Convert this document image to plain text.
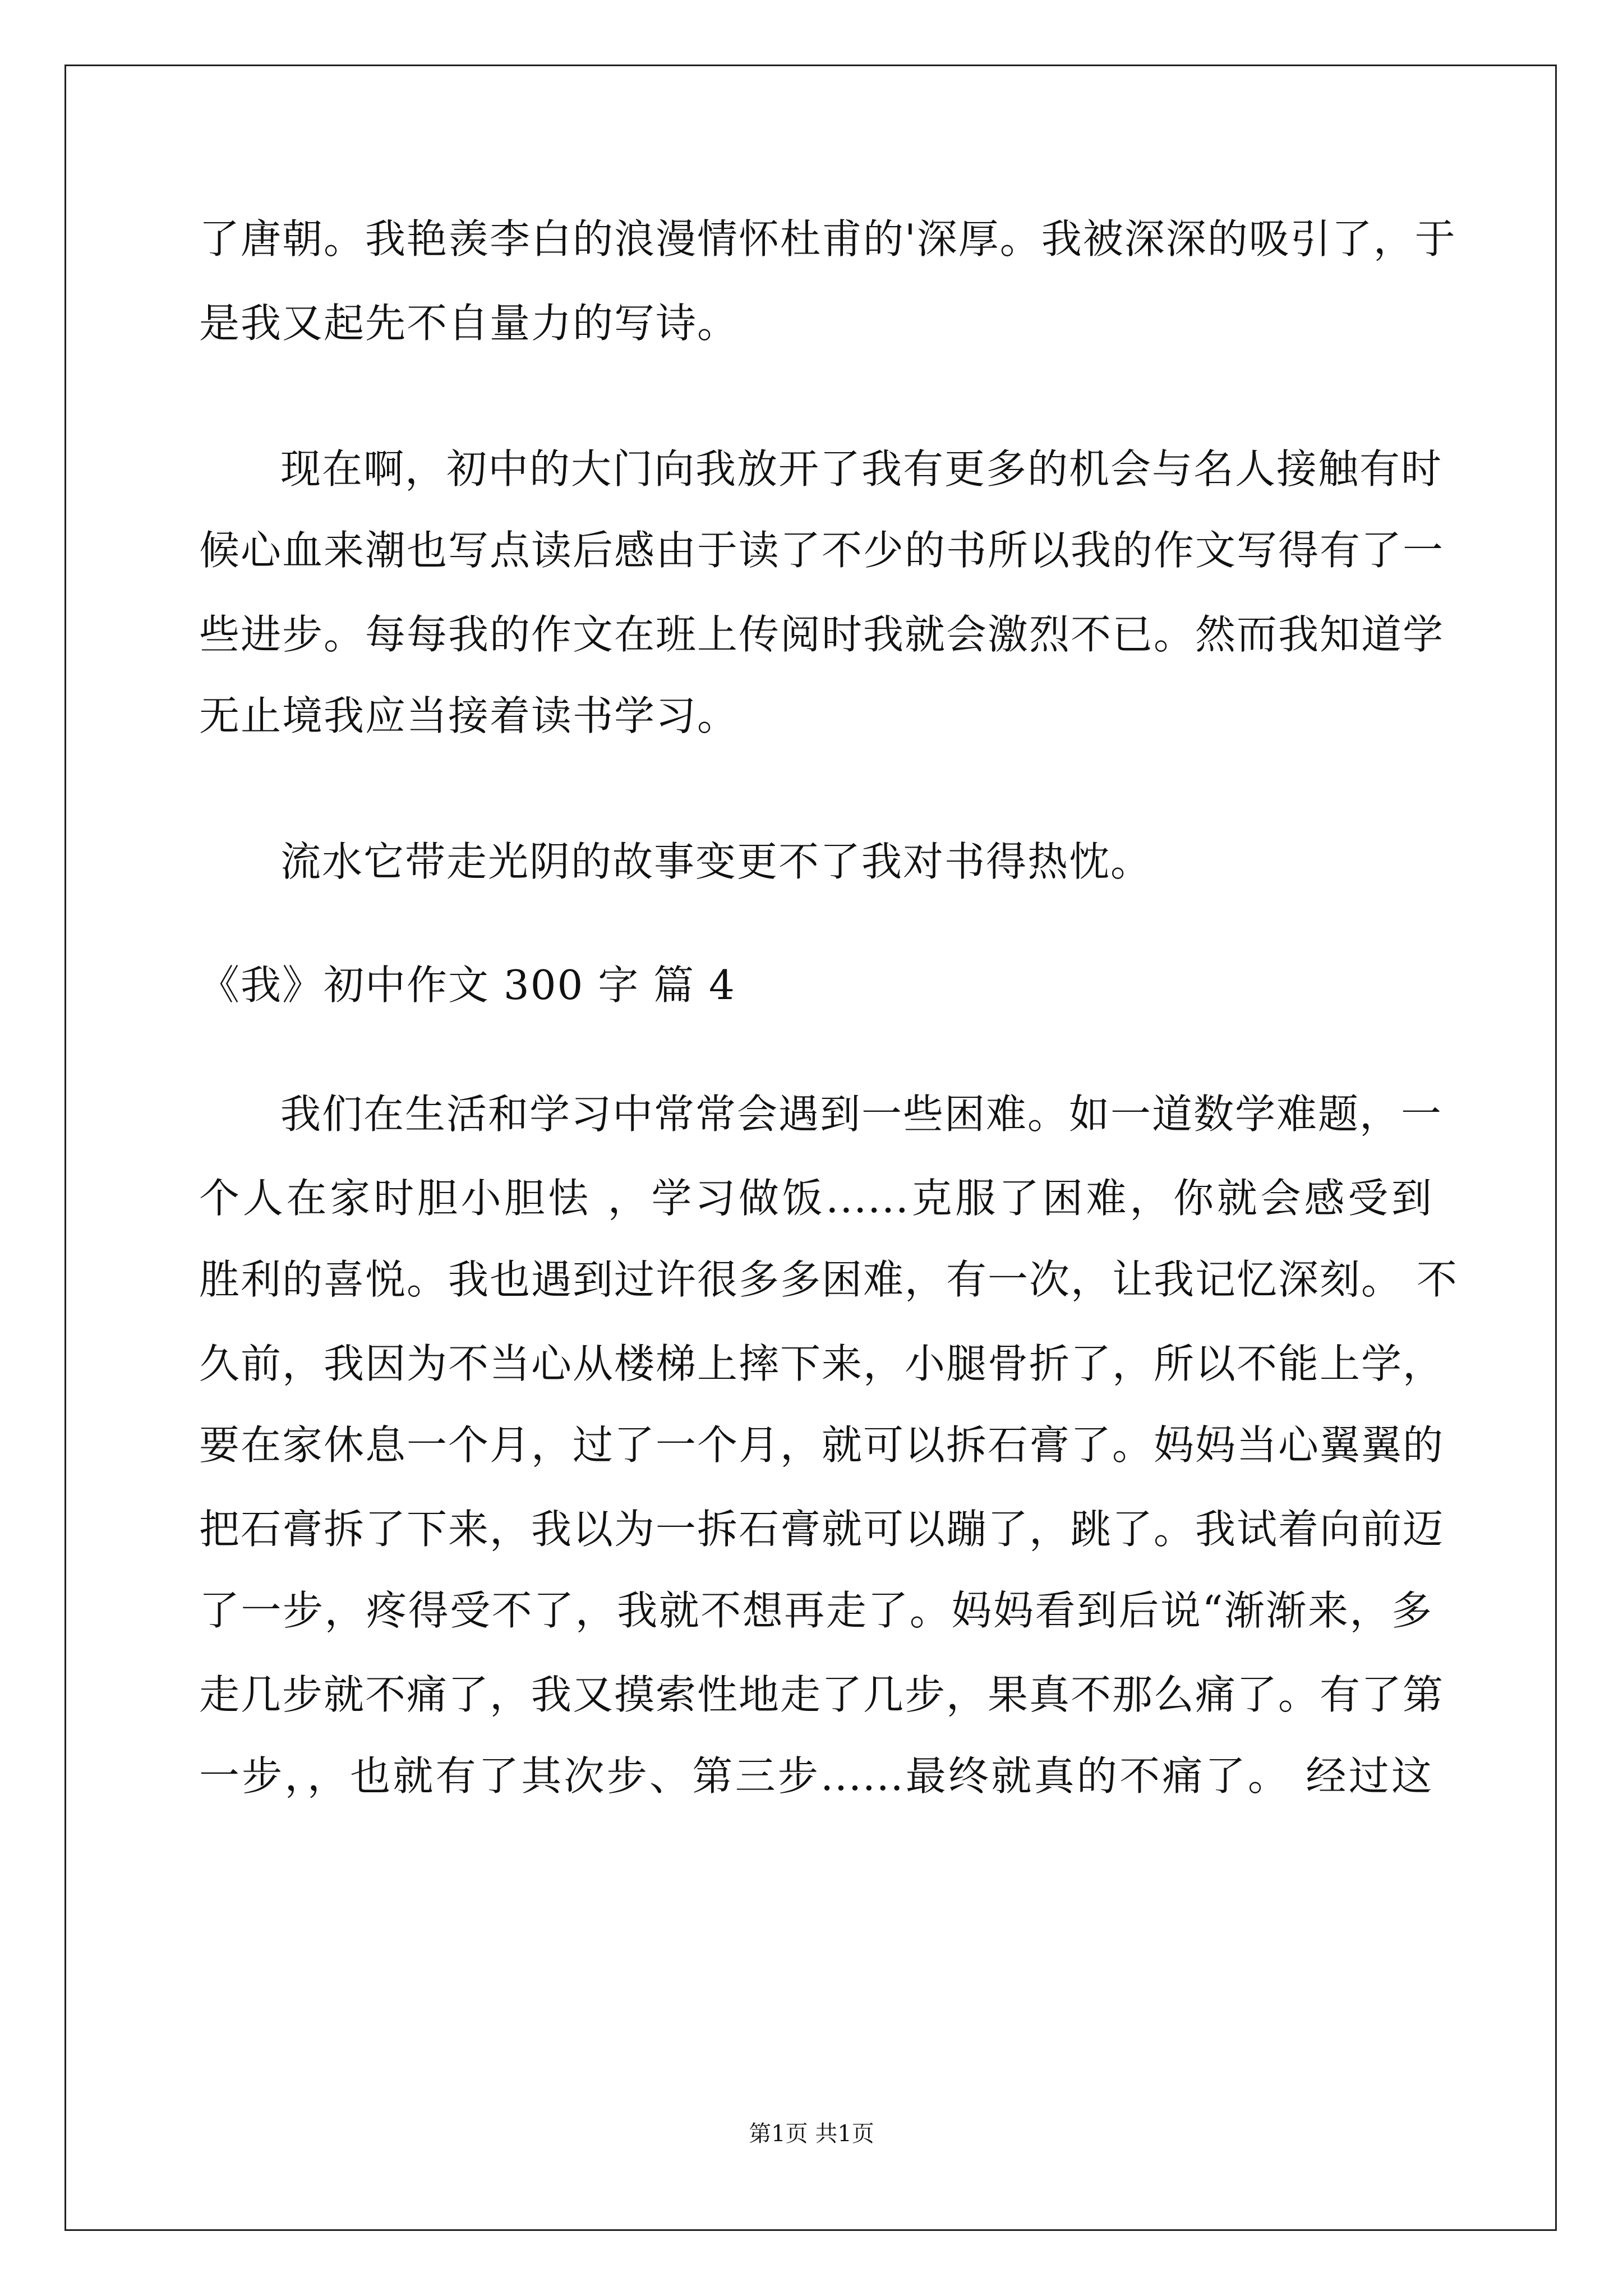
了唐朝。我艳羡李白的浪漫情怀杜甫的'深厚。我被深深的吸引了，于
是我又起先不自量力的写诗。
现在啊，初中的大门向我放开了我有更多的机会与名人接触有时
候心血来潮也写点读后感由于读了不少的书所以我的作文写得有了一
些进步。每每我的作文在班上传阅时我就会激烈不已。然而我知道学
无止境我应当接着读书学习。
流水它带走光阴的故事变更不了我对书得热忱。
《我》初中作文 300 字 篇 4
我们在生活和学习中常常会遇到一些困难。如一道数学难题，一
个人在家时胆小胆怯 ，学习做饭......克服了困难，你就会感受到
胜利的喜悦。我也遇到过许很多多困难，有一次，让我记忆深刻。 不
久前，我因为不当心从楼梯上摔下来，小腿骨折了，所以不能上学，
要在家休息一个月，过了一个月，就可以拆石膏了。妈妈当心翼翼的
把石膏拆了下来，我以为一拆石膏就可以蹦了，跳了。我试着向前迈
了一步，疼得受不了，我就不想再走了。妈妈看到后说“渐渐来，多
走几步就不痛了，我又摸索性地走了几步，果真不那么痛了。有了第
一步，，也就有了其次步、第三步......最终就真的不痛了。 经过这
第1页 共1页
